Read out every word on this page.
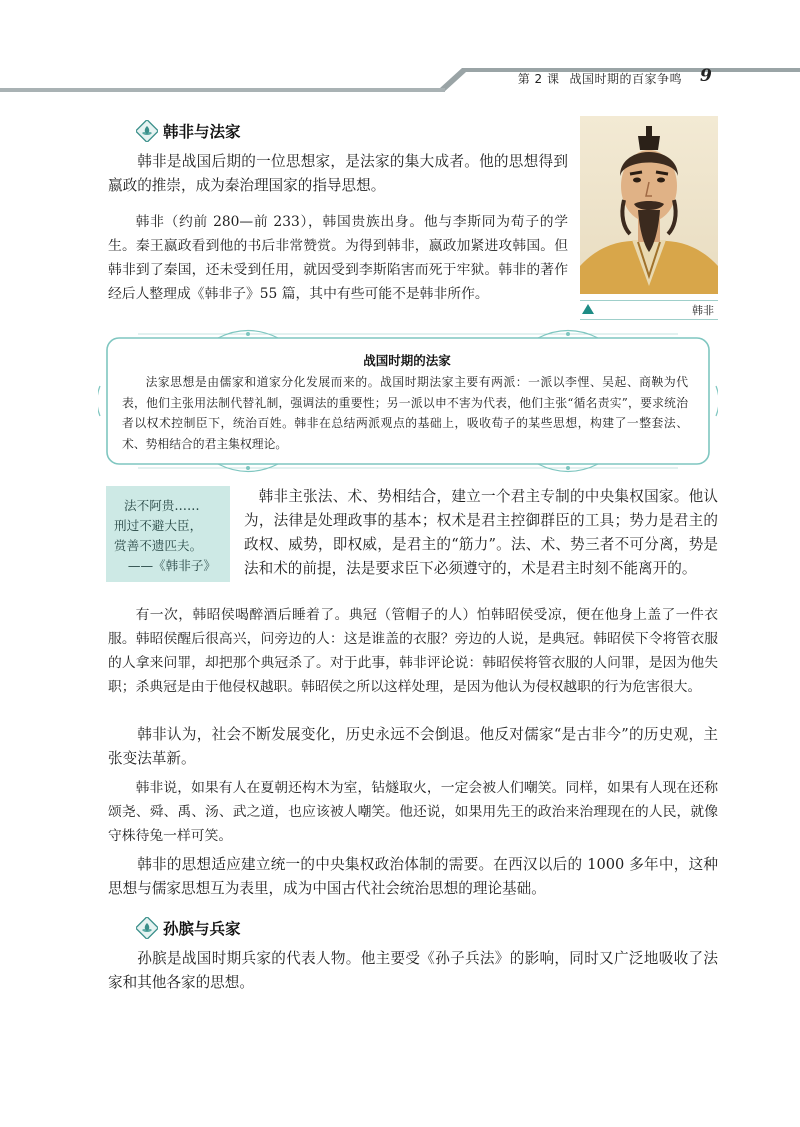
第 2 课 战国时期的百家争鸣 9
韩非与法家

韩非是战国后期的一位思想家，是法家的集大成者。他的思想得到嬴政的推崇，成为秦治理国家的指导思想。

韩非（约前 280—前 233），韩国贵族出身。他与李斯同为荀子的学生。秦王嬴政看到他的书后非常赞赏。为得到韩非，嬴政加紧进攻韩国。但韩非到了秦国，还未受到任用，就因受到李斯陷害而死于牢狱。韩非的著作经后人整理成《韩非子》55 篇，其中有些可能不是韩非所作。

韩非
战国时期的法家

法家思想是由儒家和道家分化发展而来的。战国时期法家主要有两派：一派以李悝、吴起、商鞅为代表，他们主张用法制代替礼制，强调法的重要性；另一派以申不害为代表，他们主张“循名责实”，要求统治者以权术控制臣下，统治百姓。韩非在总结两派观点的基础上，吸收荀子的某些思想，构建了一整套法、术、势相结合的君主集权理论。

法不阿贵……
刑过不避大臣，
赏善不遗匹夫。
——《韩非子》

韩非主张法、术、势相结合，建立一个君主专制的中央集权国家。他认为，法律是处理政事的基本；权术是君主控御群臣的工具；势力是君主的政权、威势，即权威，是君主的“筋力”。法、术、势三者不可分离，势是法和术的前提，法是要求臣下必须遵守的，术是君主时刻不能离开的。

有一次，韩昭侯喝醉酒后睡着了。典冠（管帽子的人）怕韩昭侯受凉，便在他身上盖了一件衣服。韩昭侯醒后很高兴，问旁边的人：这是谁盖的衣服？旁边的人说，是典冠。韩昭侯下令将管衣服的人拿来问罪，却把那个典冠杀了。对于此事，韩非评论说：韩昭侯将管衣服的人问罪，是因为他失职；杀典冠是由于他侵权越职。韩昭侯之所以这样处理，是因为他认为侵权越职的行为危害很大。

韩非认为，社会不断发展变化，历史永远不会倒退。他反对儒家“是古非今”的历史观，主张变法革新。

韩非说，如果有人在夏朝还构木为室，钻燧取火，一定会被人们嘲笑。同样，如果有人现在还称颂尧、舜、禹、汤、武之道，也应该被人嘲笑。他还说，如果用先王的政治来治理现在的人民，就像守株待兔一样可笑。

韩非的思想适应建立统一的中央集权政治体制的需要。在西汉以后的 1000 多年中，这种思想与儒家思想互为表里，成为中国古代社会统治思想的理论基础。

孙膑与兵家

孙膑是战国时期兵家的代表人物。他主要受《孙子兵法》的影响，同时又广泛地吸收了法家和其他各家的思想。
